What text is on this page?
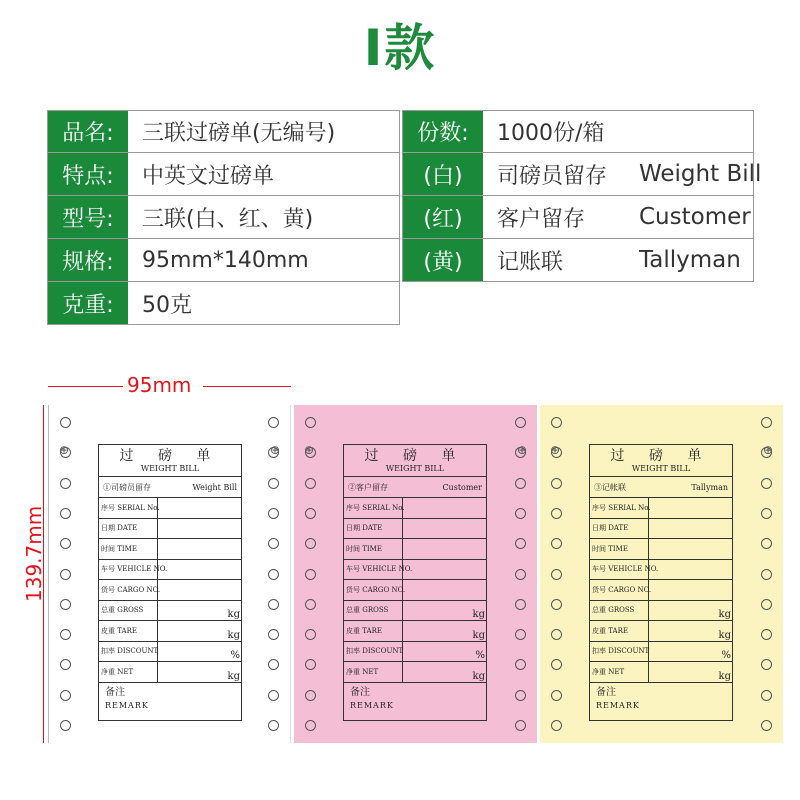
I款
品名:	三联过磅单(无编号)
特点:	中英文过磅单
型号:	三联(白、红、黄)
规格:	95mm*140mm
克重:	50克
份数:	1000份/箱
(白)	司磅员留存	Weight Bill
(红)	客户留存	Customer
(黄)	记账联	Tallyman
95mm
139.7mm
过 磅 单
WEIGHT BILL
①司磅员留存	Weight Bill
序号 SERIAL No.
日期 DATE
时间 TIME
车号 VEHICLE NO.
货号 CARGO NO.
总重 GROSS	kg
皮重 TARE	kg
扣率 DISCOUNT	%
净重 NET	kg
备注
REMARK
⊕	⊕	过 磅 单
WEIGHT BILL
②客户留存	Customer
序号 SERIAL No.
日期 DATE
时间 TIME
车号 VEHICLE NO.
货号 CARGO NO.
总重 GROSS	kg
皮重 TARE	kg
扣率 DISCOUNT	%
净重 NET	kg
备注
REMARK
⊕	⊕	过 磅 单
WEIGHT BILL
③记帐联	Tallyman
序号 SERIAL No.
日期 DATE
时间 TIME
车号 VEHICLE NO.
货号 CARGO NO.
总重 GROSS	kg
皮重 TARE	kg
扣率 DISCOUNT	%
净重 NET	kg
备注
REMARK
⊕	⊕
